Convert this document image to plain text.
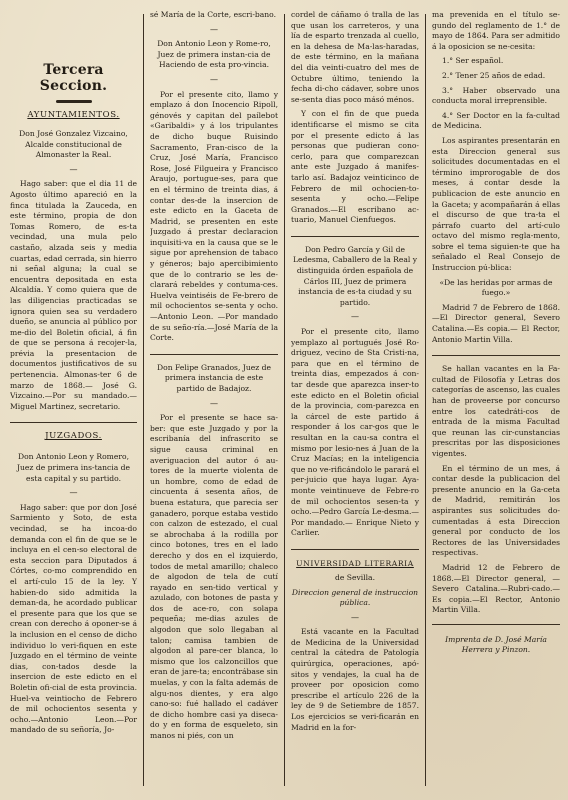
Tercera Seccion.
AYUNTAMIENTOS.

Don José Gonzalez Vizcaino, Alcalde constitucional de Almonaster la Real.

—

Hago saber: que el dia 11 de Agosto último apareció en la finca titulada la Zauceda, en este término, propia de don Tomas Romero, de es-ta vecindad, una mula pelo castaño, alzada seis y media cuartas, edad cerrada, sin hierro ni señal alguna; la cual se encuentra depositada en esta Alcaldía. Y como quiera que de las diligencias practicadas se ignora quien sea su verdadero dueño, se anuncia al público por me-dio del Boletin oficial, á fin de que se persona á recojer-la, prévia la presentacion de documentos justificativos de su pertenencia. Almonas-ter 6 de marzo de 1868.— José G. Vizcaino.—Por su mandado.—Miguel Martinez, secretario.

JUZGADOS.

Don Antonio Leon y Romero, Juez de primera ins-tancia de esta capital y su partido.

—

Hago saber: que por don José Sarmiento y Soto, de esta vecindad, se ha incoa-do demanda con el fin de que se le incluya en el cen-so electoral de esta seccion para Diputados á Córtes, co-mo comprendido en el artí-culo 15 de la ley. Y habien-do sido admitida la deman-da, he acordado publicar el presente para que los que se crean con derecho á oponer-se á la inclusion en el censo de dicho individuo lo veri-fiquen en este Juzgado en el término de veinte dias, con-tados desde la insercion de este edicto en el Boletin ofi-cial de esta provincia. Huel-va veintiocho de Febrero de mil ochocientos sesenta y ocho.—Antonio Leon.—Por mandado de su señoría, Jo-

sé María de la Corte, escri-bano.

—

Don Antonio Leon y Rome-ro, Juez de primera instan-cia de Haciendo de esta pro-vincia.

—

Por el presente cito, llamo y emplazo á don Inocencio Ripoll, génovés y capitan del paílebot «Garibaldi» y á los tripulantes de dicho buque Ruisindo Sacramento, Fran-cisco de la Cruz, José María, Francisco Rose, José Filgueira y Francisco Araujo, portugue-ses, para que en el término de treinta dias, á contar des-de la insercion de este edicto en la Gaceta de Madrid, se presenten en este Juzgado á prestar declaracion inquisiti-va en la causa que se le sigue por aprehension de tabaco y géneros; bajo apercibimiento que de lo contrario se les de-clarará rebeldes y contuma-ces. Huelva veintiséis de Fe-brero de mil ochocientos se-senta y ocho.—Antonio Leon. —Por mandado de su seño-ría.—José María de la Corte.

Don Felipe Granados, Juez de primera instancia de este partido de Badajoz.

—

Por el presente se hace sa-ber: que este Juzgado y por la escribanía del infrascrito se sigue causa criminal en averiguacion del autor ó au-tores de la muerte violenta de un hombre, como de edad de cincuenta á sesenta años, de buena estatura, que parecia ser ganadero, porque estaba vestido con calzon de estezado, el cual se abrochaba á la rodilla por cinco botones, tres en el lado derecho y dos en el izquierdo, todos de metal amarillo; chaleco de algodon de tela de cutí rayado en sen-tido vertical y azulado, con botones de pasta y dos de ace-ro, con solapa pequeña; me-dias azules de algodon que solo llegaban al talon; camisa tambien de algodon al pare-cer blanca, lo mismo que los calzoncillos que eran de jare-ta; encontrábase sin muelas, y con la falta además de algu-nos dientes, y era algo cano-so: fué hallado el cadáver de dicho hombre casi ya diseca-do y en forma de esqueleto, sin manos ni piés, con un

cordel de cáñamo ó tralla de las que usan los carreteros, y una lía de esparto trenzada al cuello, en la dehesa de Ma-las-haradas, de este término, en la mañana del dia veinti-cuatro del mes de Octubre último, teniendo la fecha di-cho cádaver, sobre unos se-senta dias poco másó ménos.

Y con el fin de que pueda identificarse el mismo se cita por el presente edicto á las personas que pudieran cono-cerlo, para que comparezcan ante este Juzgado á manifes-tarlo así. Badajoz veinticinco de Febrero de mil ochocien-to- sesenta y ocho.—Felipe Granados.—El escribano ac-tuario, Manuel Cienfuegos.

Don Pedro García y Gil de Ledesma, Caballero de la Real y distinguida órden española de Cárlos III, Juez de primera instancia de es-ta ciudad y su partido.

—

Por el presente cito, llamo yemplazo al portugués José Ro-driguez, vecino de Sta Cristi-na, para que en el término de treinta dias, empezados á con-tar desde que aparezca inser-to este edicto en el Boletin oficial de la provincia, com-parezca en la cárcel de este partido á responder á los car-gos que le resultan en la cau-sa contra el mismo por lesio-nes á Juan de la Cruz Macías; en la inteligencia que no ve-rificándolo le parará el per-juicio que haya lugar. Aya-monte veintinueve de Febre-ro de mil ochocientos sesen-ta y ocho.—Pedro García Le-desma.—Por mandado.— Enrique Nieto y Carlier.

UNIVERSIDAD LITERARIA

de Sevilla.

Direccion general de instruccion pública.

—

Está vacante en la Facultad de Medicina de la Universidad central la cátedra de Patología quirúrgica, operaciones, apó-sitos y vendajes, la cual ha de proveer por oposicion como prescribe el artículo 226 de la ley de 9 de Setiembre de 1857. Los ejercicios se veri-ficarán en Madrid en la for-

ma prevenida en el título se-gundo del reglamento de 1.° de mayo de 1864. Para ser admitido á la oposicion se ne-cesita:

1.° Ser español.

2.° Tener 25 años de edad.

3.° Haber observado una conducta moral irreprensible.

4.° Ser Doctor en la fa-cultad de Medicina.

Los aspirantes presentarán en esta Direccion general sus solicitudes documentadas en el término improrogable de dos meses, á contar desde la publicacion de este anuncio en la Gaceta; y acompañarán á ellas el discurso de que tra-ta el párrafo cuarto del artí-culo octavo del mismo regla-mento, sobre el tema siguien-te que ha señalado el Real Consejo de Instruccion pú-blica:

«De las heridas por armas de fuego.»

Madrid 7 de Febrero de 1868.—El Director general, Severo Catalina.—Es copia.— El Rector, Antonio Martin Villa.

Se hallan vacantes en la Fa-cultad de Filosofía y Letras dos categorías de ascenso, las cuales han de proveerse por concurso entre los catedráti-cos de entrada de la misma Facultad que reunan las cir-cunstancias prescritas por las disposiciones vigentes.

En el término de un mes, á contar desde la publicacion del presente anuncio en la Ga-ceta de Madrid, remitirán los aspirantes sus solicitudes do-cumentadas á esta Direccion general por conducto de los Rectores de las Universidades respectivas.

Madrid 12 de Febrero de 1868.—El Director general, —Severo Catalina.—Rubri-cado.—Es copia.—El Rector, Antonio Martin Villa.

Imprenta de D. José María Herrera y Pinzon.
